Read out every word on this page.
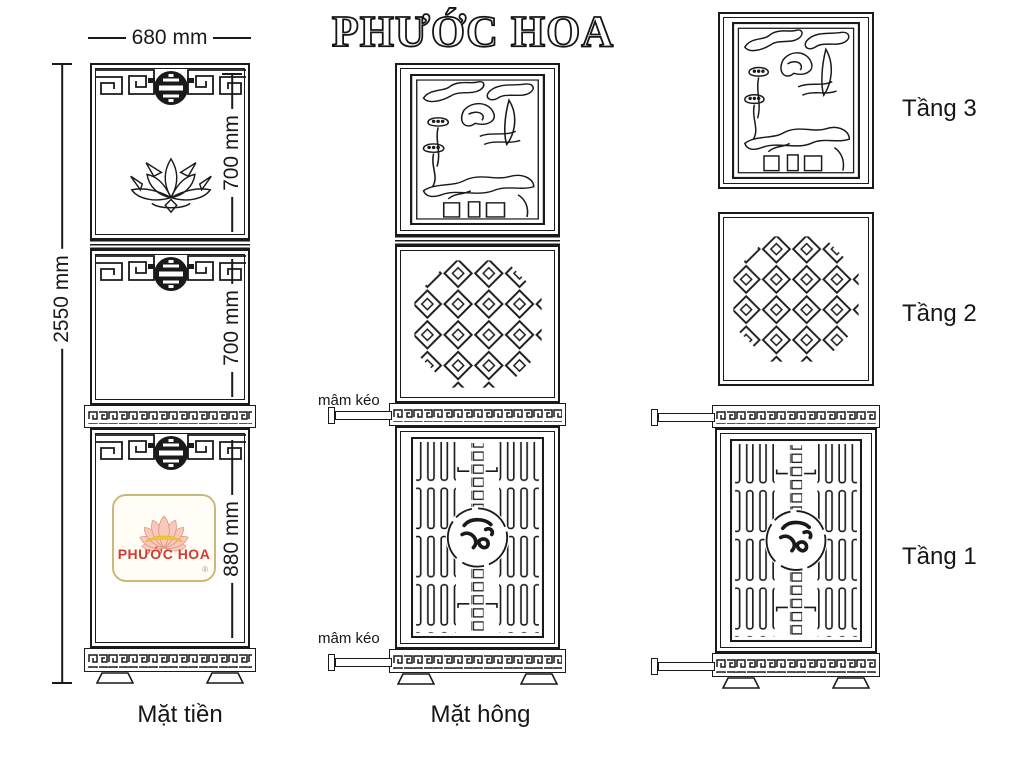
PHƯỚC HOA
680 mm
2550 mm
700 mm
700 mm
PHƯỚC HOA
® 880 mm
Mặt tiền
mâm kéo
mâm kéo
Mặt hông
Tầng 3
Tầng 2
Tầng 1
